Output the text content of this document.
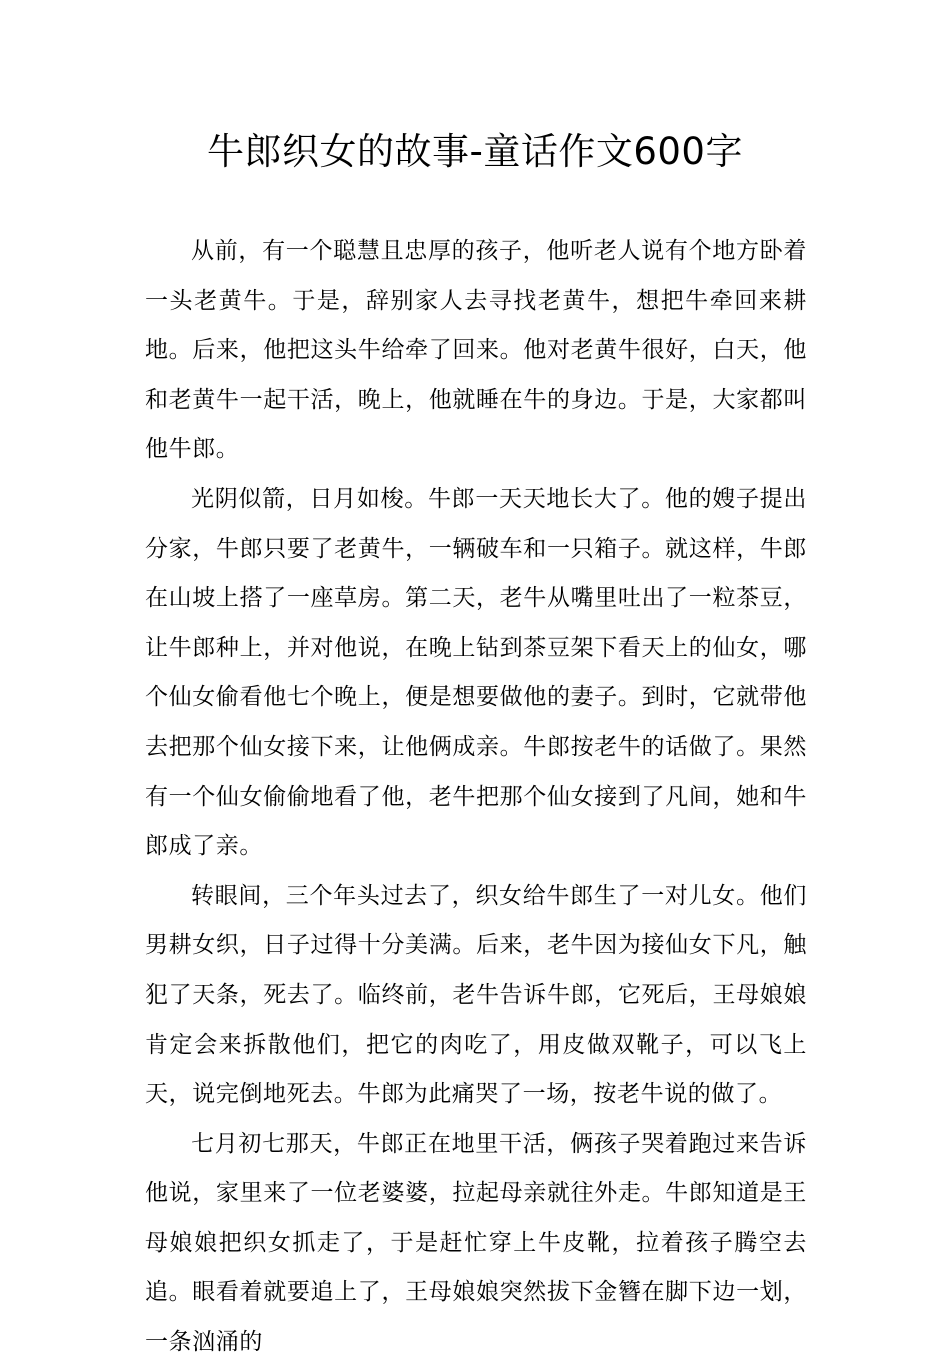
牛郎织女的故事-童话作文600字

从前，有一个聪慧且忠厚的孩子，他听老人说有个地方卧着一头老黄牛。于是，辞别家人去寻找老黄牛，想把牛牵回来耕地。后来，他把这头牛给牵了回来。他对老黄牛很好，白天，他和老黄牛一起干活，晚上，他就睡在牛的身边。于是，大家都叫他牛郎。

光阴似箭，日月如梭。牛郎一天天地长大了。他的嫂子提出分家，牛郎只要了老黄牛，一辆破车和一只箱子。就这样，牛郎在山坡上搭了一座草房。第二天，老牛从嘴里吐出了一粒茶豆，让牛郎种上，并对他说，在晚上钻到茶豆架下看天上的仙女，哪个仙女偷看他七个晚上，便是想要做他的妻子。到时，它就带他去把那个仙女接下来，让他俩成亲。牛郎按老牛的话做了。果然有一个仙女偷偷地看了他，老牛把那个仙女接到了凡间，她和牛郎成了亲。

转眼间，三个年头过去了，织女给牛郎生了一对儿女。他们男耕女织，日子过得十分美满。后来，老牛因为接仙女下凡，触犯了天条，死去了。临终前，老牛告诉牛郎，它死后，王母娘娘肯定会来拆散他们，把它的肉吃了，用皮做双靴子，可以飞上天，说完倒地死去。牛郎为此痛哭了一场，按老牛说的做了。

七月初七那天，牛郎正在地里干活，俩孩子哭着跑过来告诉他说，家里来了一位老婆婆，拉起母亲就往外走。牛郎知道是王母娘娘把织女抓走了，于是赶忙穿上牛皮靴，拉着孩子腾空去追。眼看着就要追上了，王母娘娘突然拔下金簪在脚下边一划，一条汹涌的
